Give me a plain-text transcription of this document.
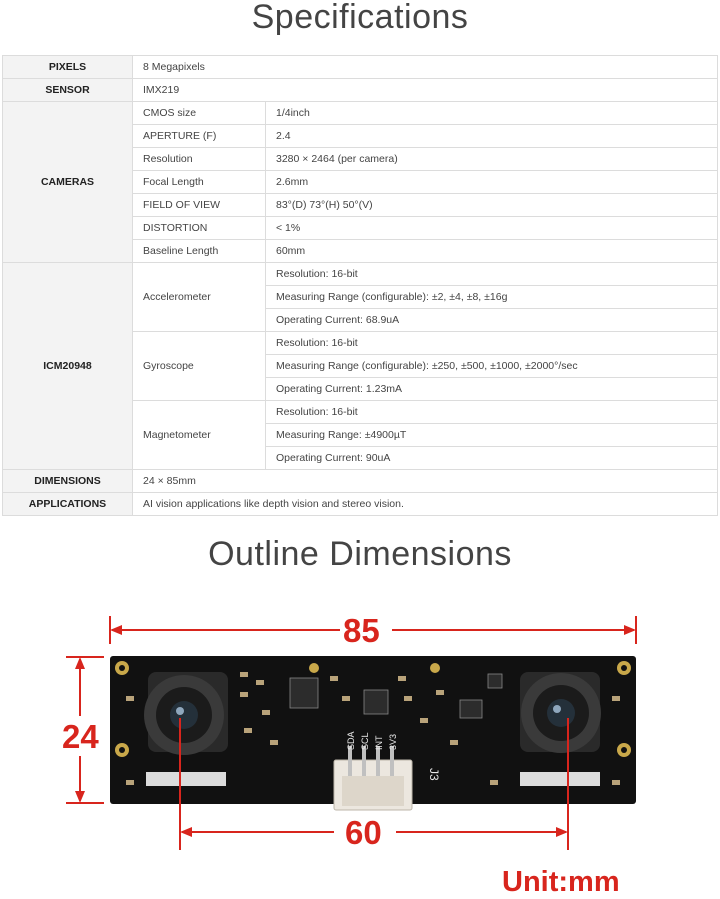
Specifications
PIXELS	8 Megapixels	
SENSOR	IMX219	
CAMERAS	CMOS size	1/4inch
	APERTURE (F)	2.4
	Resolution	3280 × 2464 (per camera)
	Focal Length	2.6mm
	FIELD OF VIEW	83°(D) 73°(H) 50°(V)
	DISTORTION	< 1%
	Baseline Length	60mm
ICM20948	Accelerometer	Resolution: 16-bit
		Measuring Range (configurable): ±2, ±4, ±8, ±16g
		Operating Current: 68.9uA
	Gyroscope	Resolution: 16-bit
		Measuring Range (configurable): ±250, ±500, ±1000, ±2000°/sec
		Operating Current: 1.23mA
	Magnetometer	Resolution: 16-bit
		Measuring Range: ±4900µT
		Operating Current: 90uA
DIMENSIONS	24 × 85mm	
APPLICATIONS	AI vision applications like depth vision and stereo vision.	
Outline Dimensions
SDA SCL INT 3V3
J3
85
24
60
Unit:mm
